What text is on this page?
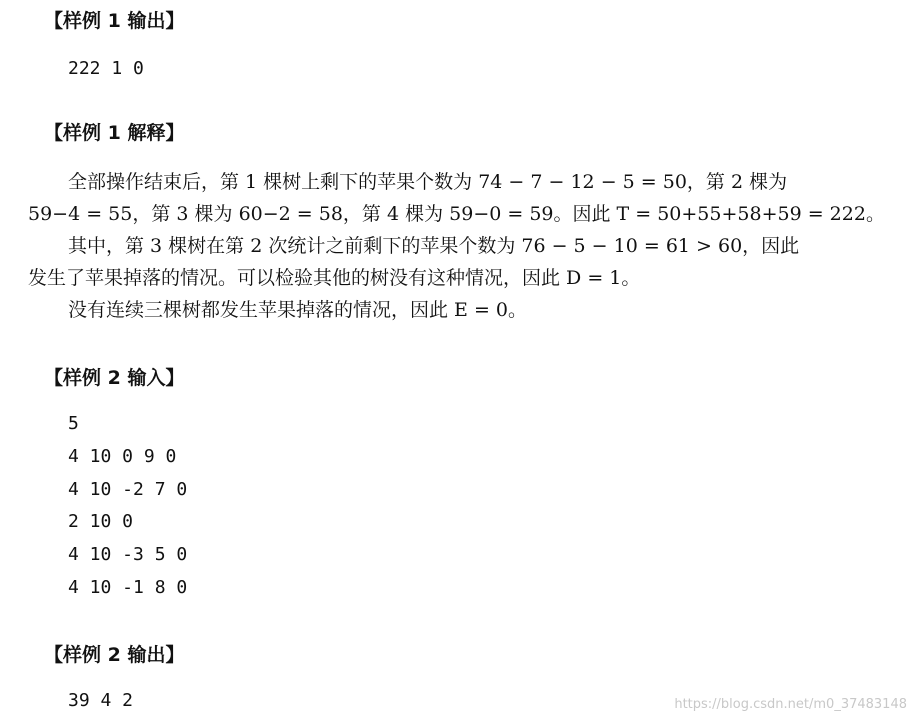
【样例 1 输出】
222 1 0
【样例 1 解释】
全部操作结束后，第 1 棵树上剩下的苹果个数为 74 − 7 − 12 − 5 = 50，第 2 棵为
59−4 = 55，第 3 棵为 60−2 = 58，第 4 棵为 59−0 = 59。因此 T = 50+55+58+59 = 222。
其中，第 3 棵树在第 2 次统计之前剩下的苹果个数为 76 − 5 − 10 = 61 > 60，因此
发生了苹果掉落的情况。可以检验其他的树没有这种情况，因此 D = 1。
没有连续三棵树都发生苹果掉落的情况，因此 E = 0。
【样例 2 输入】
5
4 10 0 9 0
4 10 -2 7 0
2 10 0
4 10 -3 5 0
4 10 -1 8 0
【样例 2 输出】
39 4 2	https://blog.csdn.net/m0_37483148
